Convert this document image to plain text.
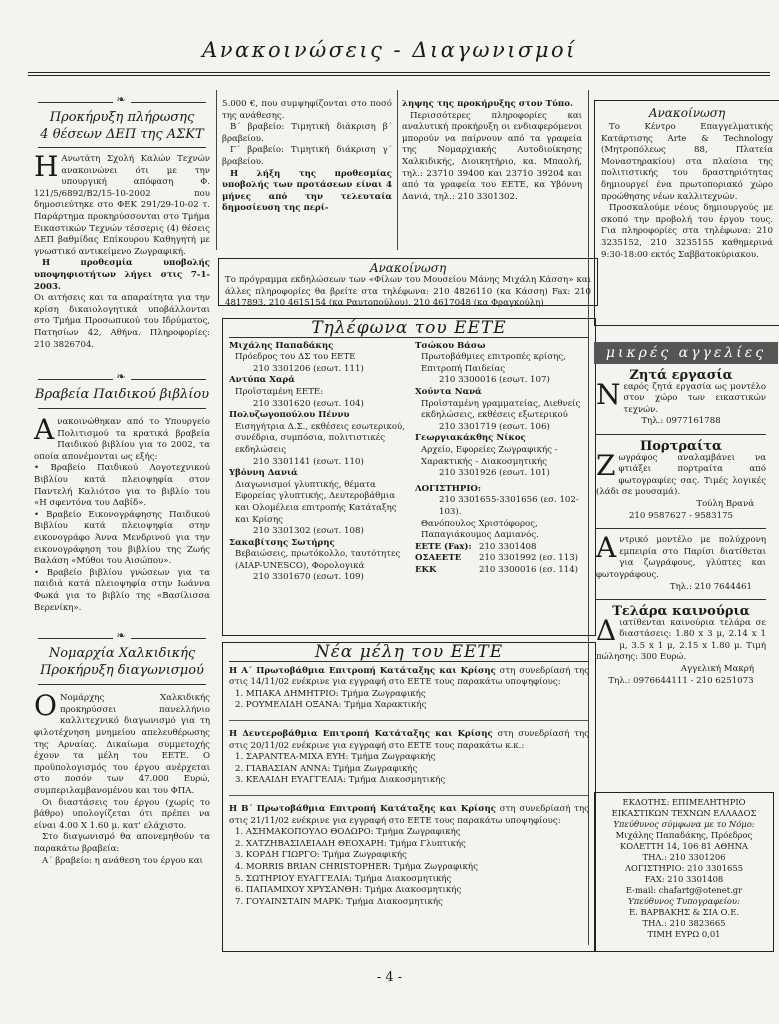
Ανακοινώσεις - Διαγωνισμοί
❧
Προκήρυξη πλήρωσης
4 θέσεων ΔΕΠ της ΑΣΚΤ

Η Ανωτάτη Σχολή Καλών Τεχνών ανακοινώνει ότι με την υπουργική απόφαση Φ. 121/5/6892/Β2/15-10-2002 που δημοσιεύτηκε στο ΦΕΚ 291/29-10-02 τ. Παράρτημα προκηρύσσονται στο Τμήμα Εικαστικών Τεχνών τέσσερις (4) θέσεις ΔΕΠ βαθμίδας Επίκουρου Καθηγητή με γνωστικό αντικείμενο Ζωγραφική.

Η προθεσμία υποβολής υποψηφιοτήτων λήγει στις 7-1-2003.

Οι αιτήσεις και τα απαραίτητα για την κρίση δικαιολογητικά υποβάλλονται στο Τμήμα Προσωπικού του Ιδρύματος, Πατησίων 42, Αθήνα. Πληροφορίες: 210 3826704.

❧
Βραβεία Παιδικού βιβλίου

Ανακοινώθηκαν από το Υπουργείο Πολιτισμού τα κρατικά βραβεία Παιδικού βιβλίου για το 2002, τα οποία απονέμονται ως εξής:

• Βραβείο Παιδικού Λογοτεχνικού Βιβλίου κατά πλειοψηφία στον Παντελή Καλιότσο για το βιβλίο του «Η σφεντόνα του Δαβίδ».

• Βραβείο Εικονογράφησης Παιδικού Βιβλίου κατά πλειοψηφία στην εικονογράφο Άννα Μενδρινού για την εικονογράφηση του βιβλίου της Ζωής Βαλάση «Μύθοι του Αισώπου».

• Βραβείο βιβλίου γνώσεων για τα παιδιά κατά πλειοψηφία στην Ιωάννα Φωκά για το βιβλίο της «Βασίλισσα Βερενίκη».

❧
Νομαρχία Χαλκιδικής
Προκήρυξη διαγωνισμού

Ο Νομάρχης Χαλκιδικής προκηρύσσει πανελλήνιο καλλιτεχνικό διαγωνισμό για τη φιλοτέχνηση μνημείου απελευθέρωσης της Αρναίας. Δικαίωμα συμμετοχής έχουν τα μέλη του ΕΕΤΕ. Ο προϋπολογισμός του έργου ανέρχεται στο ποσόν των 47.000 Ευρώ, συμπεριλαμβανομένου και του ΦΠΑ.

Οι διαστάσεις του έργου (χωρίς το βάθρο) υπολογίζεται ότι πρέπει να είναι 4.00 Χ 1.60 μ. κατ' ελάχιστο.

Στο διαγωνισμό θα απονεμηθούν τα παρακάτω βραβεία:

Α΄ βραβείο: η ανάθεση του έργου και

5.000 €, που συμψηφίζονται στο ποσό της ανάθεσης.

Β΄ βραβείο: Τιμητική διάκριση β΄ βραβείου.

Γ΄ βραβείο: Τιμητική διάκριση γ΄ βραβείου.

Η λήξη της προθεσμίας υποβολής των προτάσεων είναι 4 μήνες από την τελευταία δημοσίευση της περί-

ληψης της προκήρυξης στον Τύπο.

Περισσότερες πληροφορίες και αναλυτική προκήρυξη οι ενδιαφερόμενοι μπορούν να παίρνουν από τα γραφεία της Νομαρχιακής Αυτοδιοίκησης Χαλκιδικής, Διοικητήριο, κα. Μπαολή, τηλ.: 23710 39400 και 23710 39204 και από τα γραφεία του ΕΕΤΕ, κα Υβόννη Δανιά, τηλ.: 210 3301302.

Ανακοίνωση

Το πρόγραμμα εκδηλώσεων των «Φίλων του Μουσείου Μάνης Μιχάλη Κάσση» και άλλες πληροφορίες θα βρείτε στα τηλέφωνα: 210 4826110 (κα Κάσση) Fax: 210 4817893, 210 4615154 (κα Ραυτοπούλου), 210 4617048 (κα Φραγκούλη)

Τηλέφωνα του ΕΕΤΕ
Μιχάλης Παπαδάκης
Πρόεδρος του ΔΣ του ΕΕΤΕ
210 3301206 (εσωτ. 111)
Αντύπα Χαρά
Προϊσταμένη ΕΕΤΕ:
210 3301620 (εσωτ. 104)
Πολυζωγοπούλου Πέννυ
Εισηγήτρια Δ.Σ., εκθέσεις εσωτερικού, συνέδρια, συμπόσια, πολιτιστικές εκδηλώσεις
210 3301141 (εσωτ. 110)
Υβόννη Δανιά
Διαγωνισμοί γλυπτικής, θέματα Εφορείας γλυπτικής, Δευτεροβάθμια και Ολομέλεια επιτροπής Κατάταξης και Κρίσης
210 3301302 (εσωτ. 108)
Σακαβίτσης Σωτήρης
Βεβαιώσεις, πρωτόκολλο, ταυτότητες (AIAP-UNESCO), Φορολογικά
210 3301670 (εσωτ. 109)
Τσώκου Βάσω
Πρωτοβάθμιες επιτροπές κρίσης, Επιτροπή Παιδείας
210 3300016 (εσωτ. 107)
Χούντα Νανά
Προϊσταμένη γραμματείας, Διεθνείς εκδηλώσεις, εκθέσεις εξωτερικού
210 3301719 (εσωτ. 106)
Γεωργιακάκθης Νίκος
Αρχείο, Εφορείες Ζωγραφικής - Χαρακτικής - Διακοσμητικής
210 3301926 (εσωτ. 101)
ΛΟΓΙΣΤΗΡΙΟ:
210 3301655-3301656 (εσ. 102-103).
Θανόπουλος Χριστόφορος, Παπαγιάκουμος Δαμιανός.
ΕΕΤΕ (Fax): 210 3301408
ΟΣΑΕΕΤΕ	210 3301992 (εσ. 113)
ΕΚΚ	210 3300016 (εσ. 114)
Νέα μέλη του ΕΕΤΕ

Η Α΄ Πρωτοβάθμια Επιτροπή Κατάταξης και Κρίσης στη συνεδρίασή της στις 14/11/02 ενέκρινε για εγγραφή στο ΕΕΤΕ τους παρακάτω υποψηφίους:

1. ΜΠΑΚΑ ΔΗΜΗΤΡΙΟ: Τμήμα Ζωγραφικής
2. ΡΟΥΜΕΛΙΔΗ ΟΞΑΝΑ: Τμήμα Χαρακτικής

Η Δευτεροβάθμια Επιτροπή Κατάταξης και Κρίσης στη συνεδρίασή της στις 20/11/02 ενέκρινε για εγγραφή στο ΕΕΤΕ τους παρακάτω κ.κ.:

1. ΣΑΡΑΝΤΕΑ-ΜΙΧΑ ΕΥΗ: Τμήμα Ζωγραφικής
2. ΓΙΑΒΑΣΙΑΝ ΑΝΝΑ: Τμήμα Ζωγραφικής
3. ΚΕΛΑΙΔΗ ΕΥΑΓΓΕΛΙΑ: Τμήμα Διακοσμητικής

Η Β΄ Πρωτοβάθμια Επιτροπή Κατάταξης και Κρίσης στη συνεδρίασή της στις 21/11/02 ενέκρινε για εγγραφή στο ΕΕΤΕ τους παρακάτω υποψηφίους:

1. ΑΣΗΜΑΚΟΠΟΥΛΟ ΘΟΔΩΡΟ: Τμήμα Ζωγραφικής
2. ΧΑΤΖΗΒΑΣΙΛΕΙΑΔΗ ΘΕΟΧΑΡΗ: Τμήμα Γλυπτικής
3. ΚΟΡΔΗ ΓΙΩΡΓΟ: Τμήμα Ζωγραφικής
4. MORRIS BRIAN CHRISTOPHER: Τμήμα Ζωγραφικής
5. ΣΩΤΗΡΙΟΥ ΕΥΑΓΓΕΛΙΑ: Τμήμα Διακοσμητικής
6. ΠΑΠΑΜΙΧΟΥ ΧΡΥΣΑΝΘΗ: Τμήμα Διακοσμητικής
7. ΓΟΥΑΙΝΣΤΑΙΝ ΜΑΡΚ: Τμήμα Διακοσμητικής
Ανακοίνωση

Το Κέντρο Επαγγελματικής Κατάρτισης Arte & Technology (Μητροπόλεως 88, Πλατεία Μοναστηρακίου) στα πλαίσια της πολιτιστικής του δραστηριότητας δημιουργεί ένα πρωτοποριακό χώρο προώθησης νέων καλλιτεχνών.

Προσκαλούμε νέους δημιουργούς με σκοπό την προβολή του έργου τους. Για πληροφορίες στα τηλέφωνα: 210 3235152, 210 3235155 καθημερινά 9:30-18:00 εκτός Σαββατοκύριακου.

μικρές αγγελίες
Ζητά εργασία

Νεαρός ζητά εργασία ως μοντέλο στον χώρο των εικαστικών τεχνών.

Τηλ.: 0977161788
Πορτραίτα

Ζωγράφος αναλαμβάνει να φτιάξει πορτραίτα από φωτογραφίες σας. Τιμές λογικές (λάδι σε μουσαμά).

Τούλη Βρανά
210 9587627 - 9583175

Αντρικό μοντέλο με πολύχρονη εμπειρία στο Παρίσι διατίθεται για ζωγράφους, γλύπτες και φωτογράφους.

Τηλ.: 210 7644461
Τελάρα καινούρια

Διατίθενται καινούρια τελάρα σε διαστάσεις: 1.80 x 3 μ, 2.14 x 1 μ, 3.5 x 1 μ, 2.15 x 1.80 μ. Τιμή πώλησης: 300 Ευρώ.

Αγγελική Μακρή
Τηλ.: 0976644111 - 210 6251073
ΕΚΔΟΤΗΣ: ΕΠΙΜΕΛΗΤΗΡΙΟ
ΕΙΚΑΣΤΙΚΩΝ ΤΕΧΝΩΝ ΕΛΛΑΔΟΣ
Υπεύθυνος σύμφωνα με το Νόμο:
Μιχάλης Παπαδάκης, Πρόεδρος
ΚΟΛΕΤΤΗ 14, 106 81 ΑΘΗΝΑ
ΤΗΛ.: 210 3301206
ΛΟΓΙΣΤΗΡΙΟ: 210 3301655
FAX: 210 3301408
E-mail: chafartg@otenet.gr
Υπεύθυνος Τυπογραφείου:
Ε. ΒΑΡΒΑΚΗΣ & ΣΙΑ Ο.Ε.
ΤΗΛ.: 210 3823665
ΤΙΜΗ ΕΥΡΩ 0,01
- 4 -
